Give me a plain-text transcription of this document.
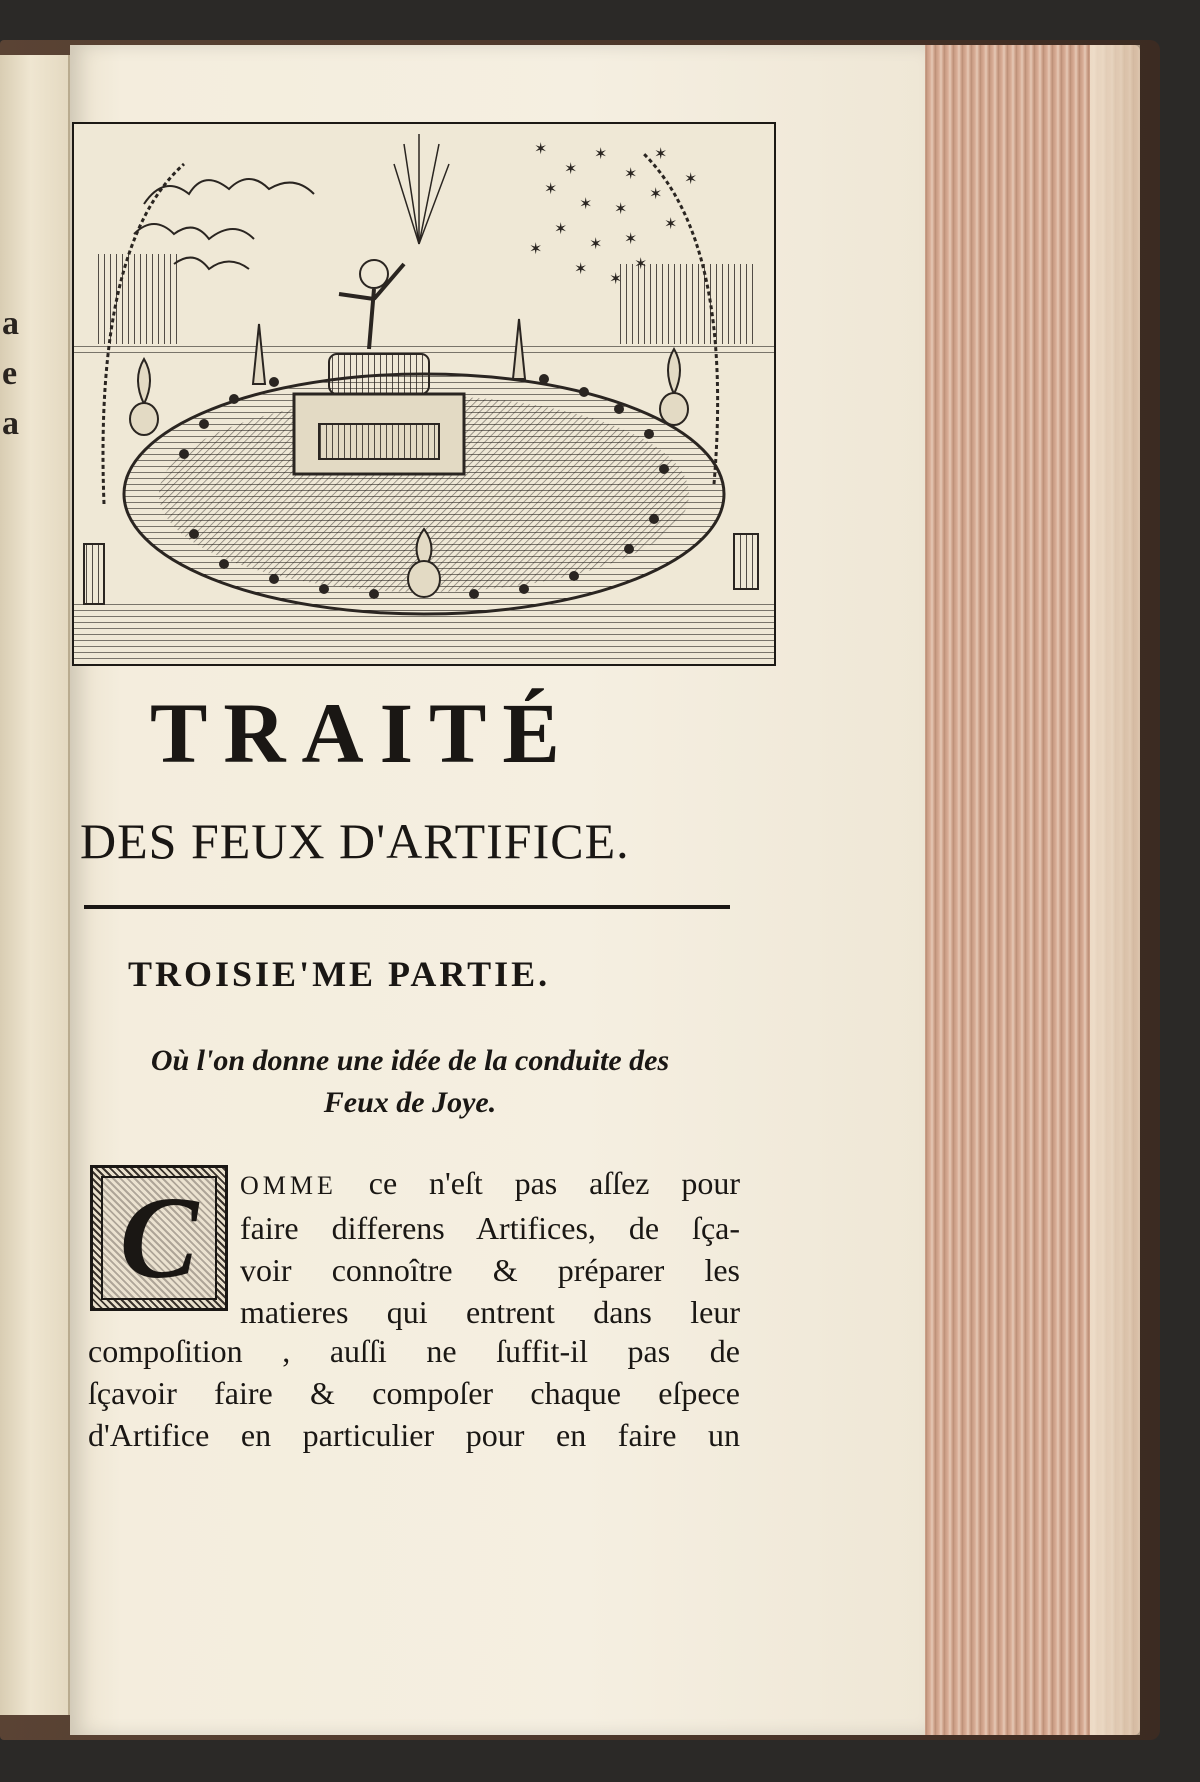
a
e
a
✶
✶
✶
✶
✶
✶
✶ ✶
✶
✶
✶ ✶
✶
✶
✶
✶
✶
✶
TRAITÉ
DES FEUX D'ARTIFICE.
TROISIE'ME PARTIE.
Où l'on donne une idée de la conduite des
Feux de Joye.
C OMME ce n'eſt pas aſſez pour
faire differens Artifices, de ſça-
voir connoître & préparer les
matieres qui entrent dans leur
compoſition , auſſi ne ſuffit-il pas de
ſçavoir faire & compoſer chaque eſpece
d'Artifice en particulier pour en faire un
